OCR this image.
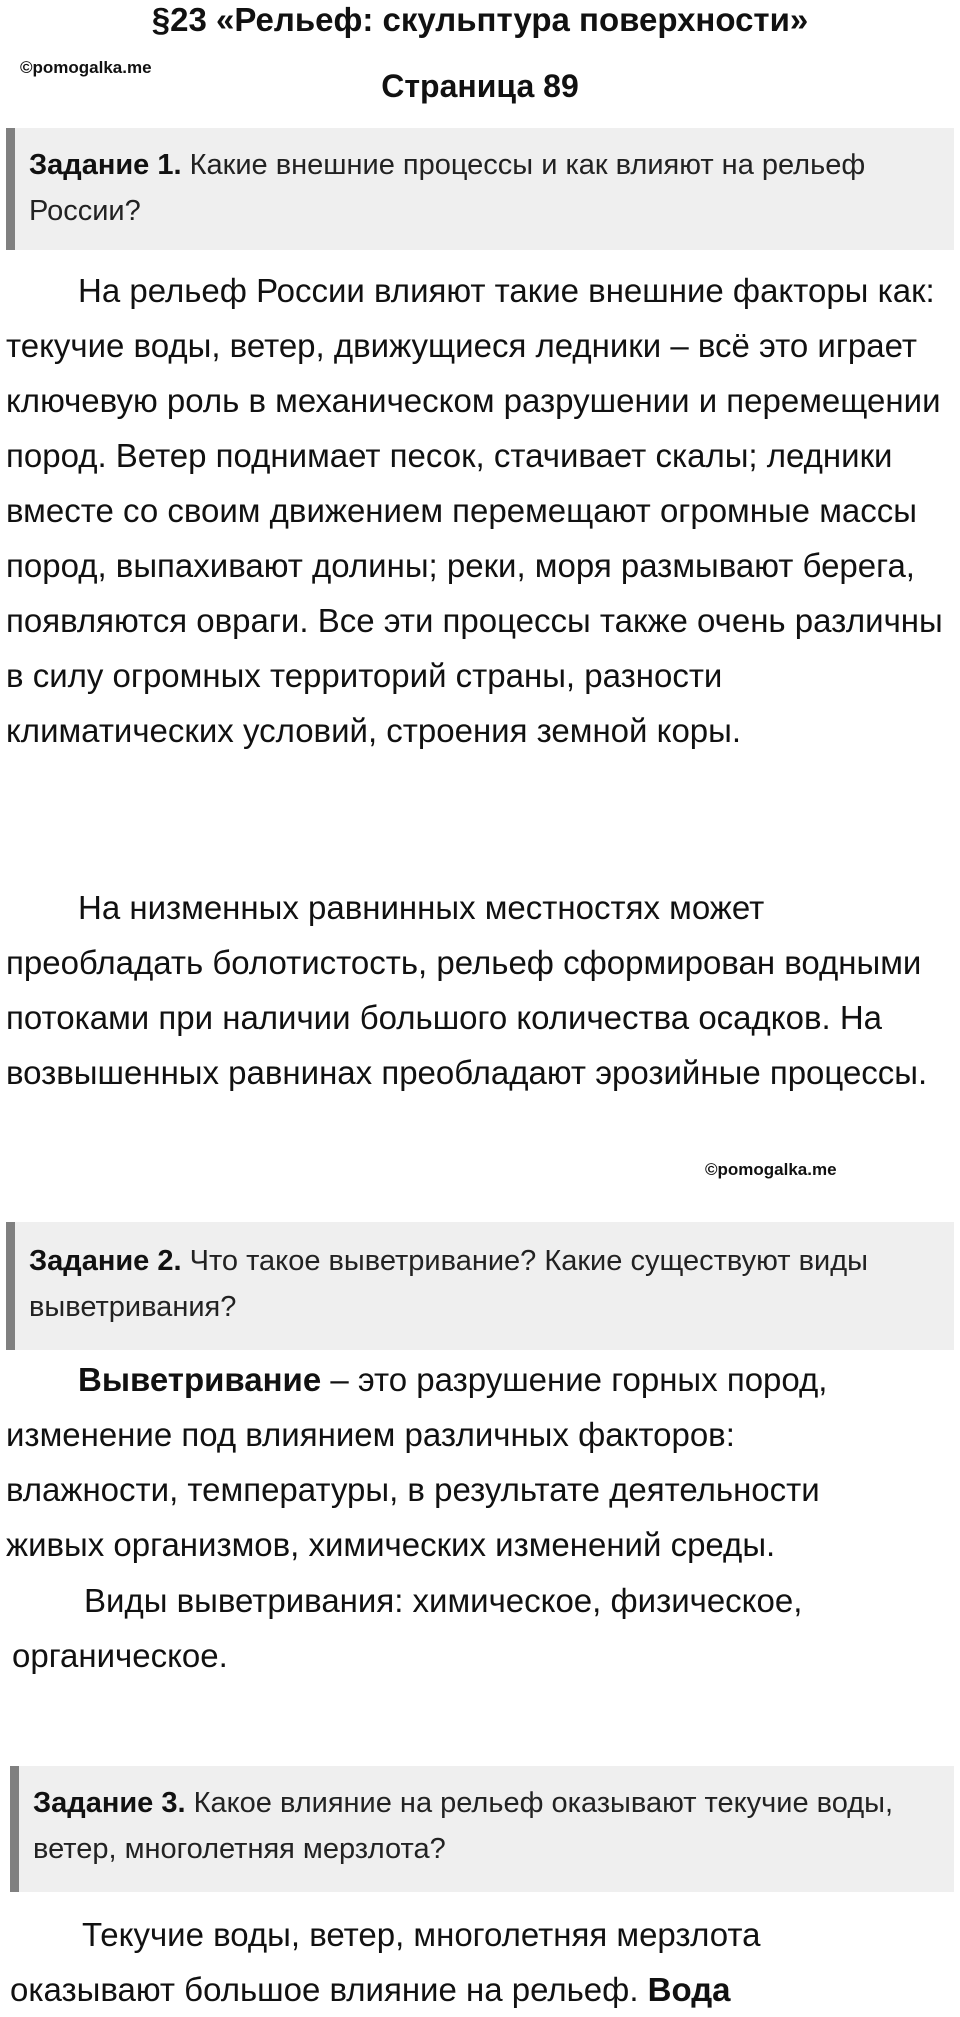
§23 «Рельеф: скульптура поверхности»
©pomogalka.me
Страница 89
Задание 1. Какие внешние процессы и как влияют на рельеф России?
На рельеф России влияют такие внешние факторы как: текучие воды, ветер, движущиеся ледники – всё это играет ключевую роль в механическом разрушении и перемещении пород. Ветер поднимает песок, стачивает скалы; ледники вместе со своим движением перемещают огромные массы пород, выпахивают долины; реки, моря размывают берега, появляются овраги. Все эти процессы также очень различны в силу огромных территорий страны, разности климатических условий, строения земной коры.
На низменных равнинных местностях может преобладать болотистость, рельеф сформирован водными потоками при наличии большого количества осадков. На возвышенных равнинах преобладают эрозийные процессы.
©pomogalka.me
Задание 2. Что такое выветривание? Какие существуют виды выветривания?
Выветривание – это разрушение горных пород,
изменение под влиянием различных факторов:
влажности, температуры, в результате деятельности
живых организмов, химических изменений среды.
Виды выветривания: химическое, физическое,
органическое.
Задание 3. Какое влияние на рельеф оказывают текучие воды, ветер, многолетняя мерзлота?
Текучие воды, ветер, многолетняя мерзлота
оказывают большое влияние на рельеф. Вода
